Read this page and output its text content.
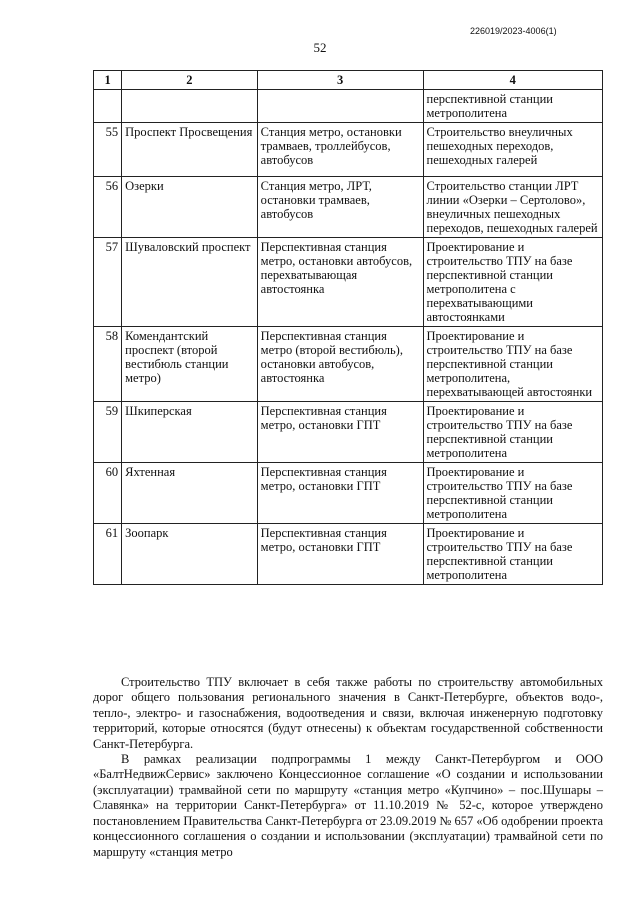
226019/2023-4006(1)
52
1	2	3	4
			перспективной станции метрополитена
55	Проспект Просвещения	Станция метро, остановки трамваев, троллейбусов, автобусов	Строительство внеуличных пешеходных переходов, пешеходных галерей
56	Озерки	Станция метро, ЛРТ, остановки трамваев, автобусов	Строительство станции ЛРТ линии «Озерки – Сертолово», внеуличных пешеходных переходов, пешеходных галерей
57	Шуваловский проспект	Перспективная станция метро, остановки автобусов, перехватывающая автостоянка	Проектирование и строительство ТПУ на базе перспективной станции метрополитена с перехватывающими автостоянками
58	Комендантский проспект (второй вестибюль станции метро)	Перспективная станция метро (второй вестибюль), остановки автобусов, автостоянка	Проектирование и строительство ТПУ на базе перспективной станции метрополитена, перехватывающей автостоянки
59	Шкиперская	Перспективная станция метро, остановки ГПТ	Проектирование и строительство ТПУ на базе перспективной станции метрополитена
60	Яхтенная	Перспективная станция метро, остановки ГПТ	Проектирование и строительство ТПУ на базе перспективной станции метрополитена
61	Зоопарк	Перспективная станция метро, остановки ГПТ	Проектирование и строительство ТПУ на базе перспективной станции метрополитена

Строительство ТПУ включает в себя также работы по строительству автомобильных дорог общего пользования регионального значения в Санкт-Петербурге, объектов водо-, тепло-, электро- и газоснабжения, водоотведения и связи, включая инженерную подготовку территорий, которые относятся (будут отнесены) к объектам государственной собственности Санкт-Петербурга.

В рамках реализации подпрограммы 1 между Санкт-Петербургом и ООО «БалтНедвижСервис» заключено Концессионное соглашение «О создании и использовании (эксплуатации) трамвайной сети по маршруту «станция метро «Купчино» – пос.Шушары – Славянка» на территории Санкт-Петербурга» от 11.10.2019 № 52-с, которое утверждено постановлением Правительства Санкт-Петербурга от 23.09.2019 № 657 «Об одобрении проекта концессионного соглашения о создании и использовании (эксплуатации) трамвайной сети по маршруту «станция метро
